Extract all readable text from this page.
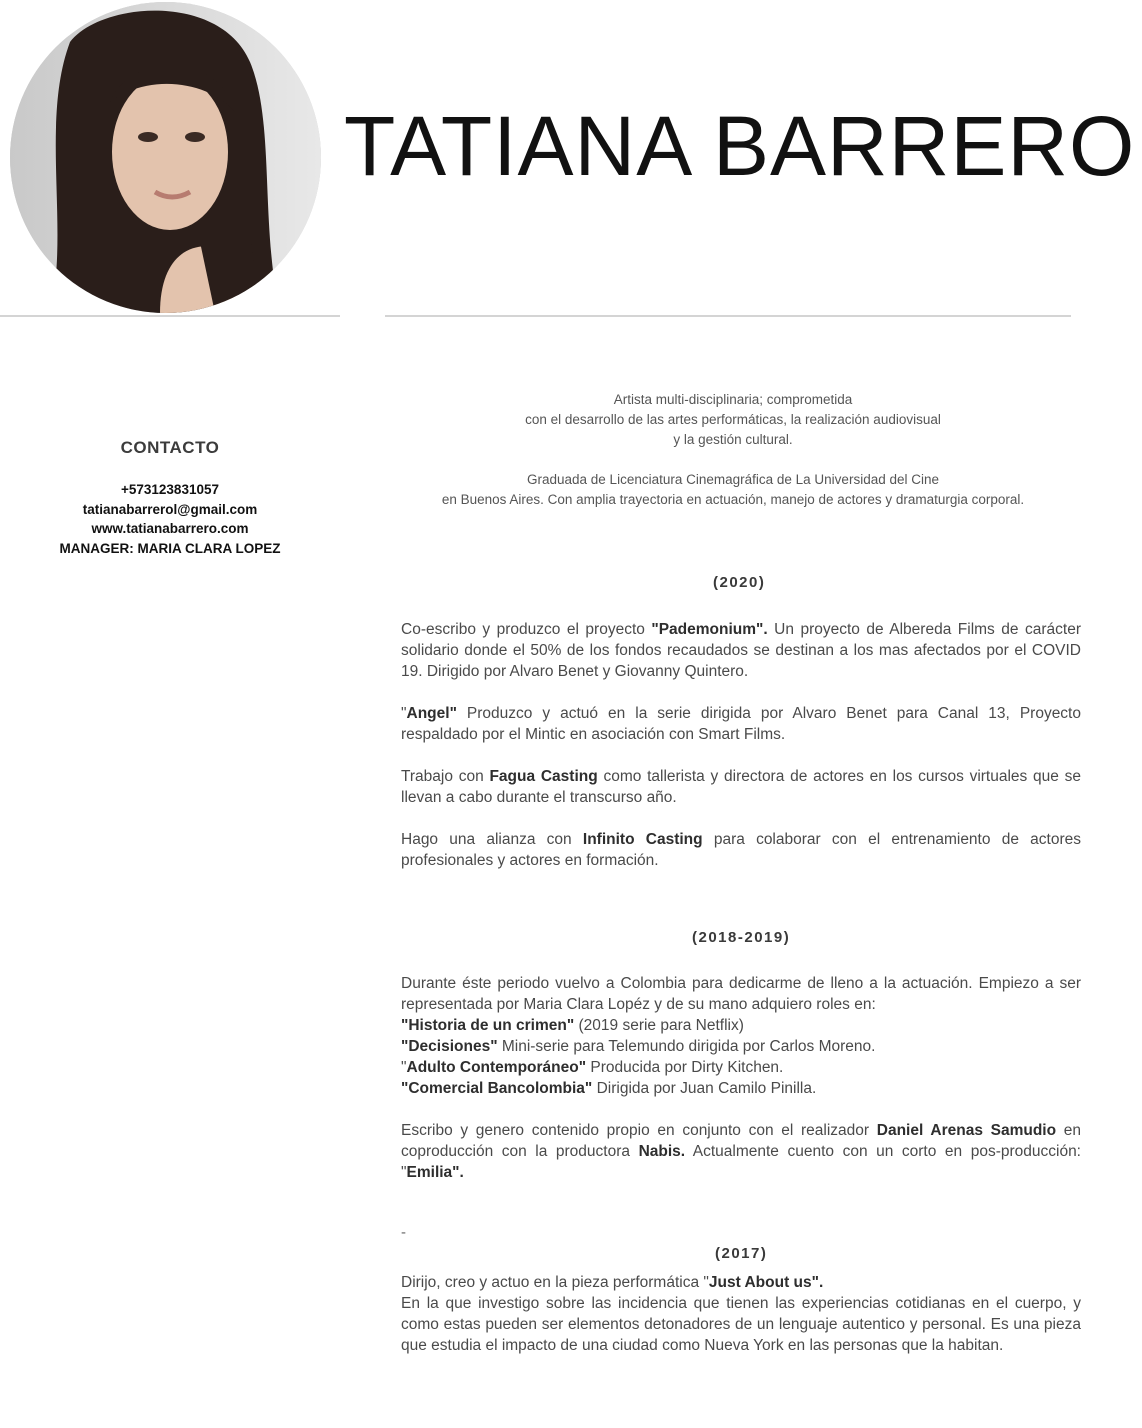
TATIANA BARRERO
CONTACTO
+573123831057
tatianabarrerol@gmail.com
www.tatianabarrero.com
MANAGER: MARIA CLARA LOPEZ

Artista multi-disciplinaria; comprometida

con el desarrollo de las artes performáticas, la realización audiovisual

y la gestión cultural.

Graduada de Licenciatura Cinemagráfica de La Universidad del Cine

en Buenos Aires. Con amplia trayectoria en actuación, manejo de actores y dramaturgia corporal.

(2020)

Co-escribo y produzco el proyecto "Pademonium". Un proyecto de Albereda Films de carácter solidario donde el 50% de los fondos recaudados se destinan a los mas afectados por el COVID 19. Dirigido por Alvaro Benet y Giovanny Quintero.

"Angel" Produzco y actuó en la serie dirigida por Alvaro Benet para Canal 13, Proyecto respaldado por el Mintic en asociación con Smart Films.

Trabajo con Fagua Casting como tallerista y directora de actores en los cursos virtuales que se llevan a cabo durante el transcurso año.

Hago una alianza con Infinito Casting para colaborar con el entrenamiento de actores profesionales y actores en formación.

(2018-2019)

Durante éste periodo vuelvo a Colombia para dedicarme de lleno a la actuación. Empiezo a ser representada por Maria Clara Lopéz y de su mano adquiero roles en:

"Historia de un crimen" (2019 serie para Netflix)

"Decisiones" Mini-serie para Telemundo dirigida por Carlos Moreno.

"Adulto Contemporáneo" Producida por Dirty Kitchen.

"Comercial Bancolombia" Dirigida por Juan Camilo Pinilla.

Escribo y genero contenido propio en conjunto con el realizador Daniel Arenas Samudio en coproducción con la productora Nabis. Actualmente cuento con un corto en pos-producción: "Emilia".

-
(2017)

Dirijo, creo y actuo en la pieza performática "Just About us".

En la que investigo sobre las incidencia que tienen las experiencias cotidianas en el cuerpo, y como estas pueden ser elementos detonadores de un lenguaje autentico y personal. Es una pieza que estudia el impacto de una ciudad como Nueva York en las personas que la habitan.
